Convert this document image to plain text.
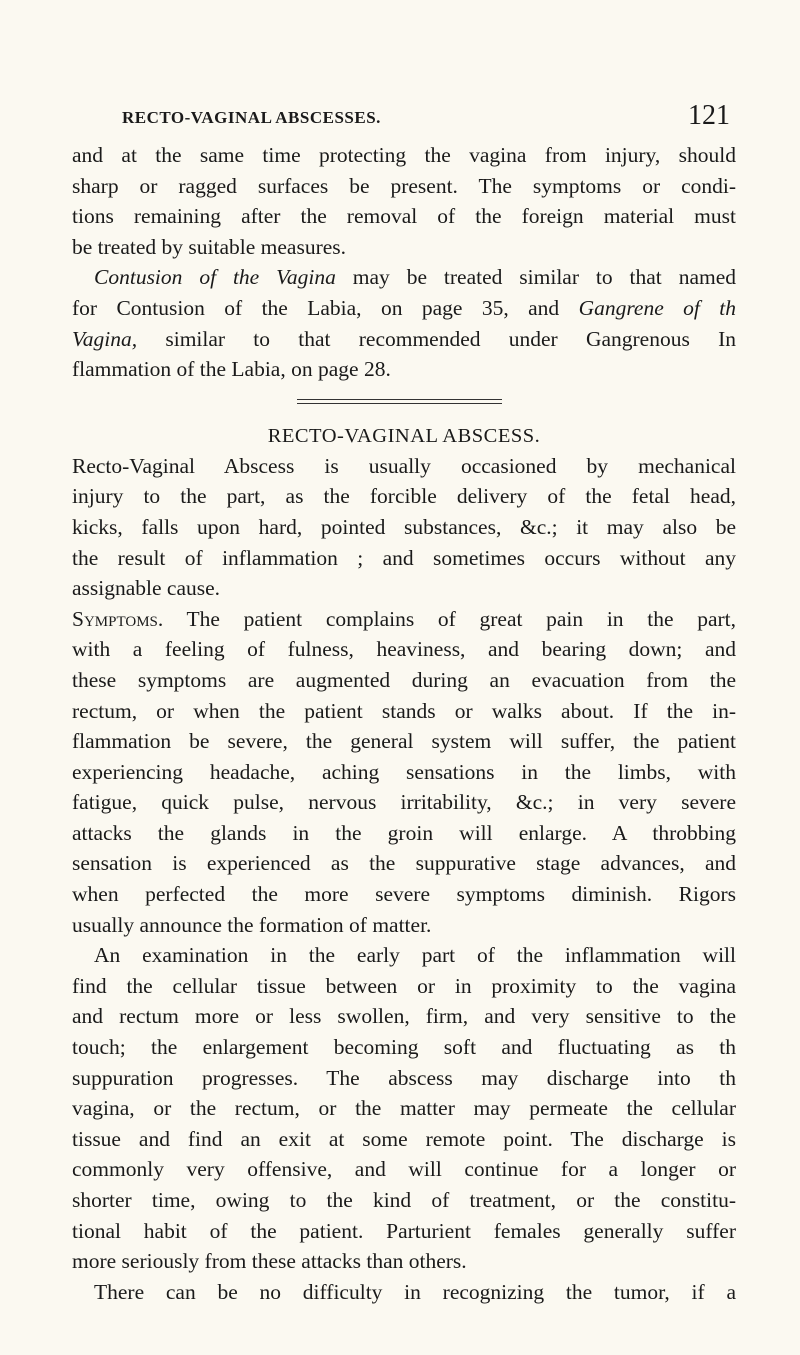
RECTO-VAGINAL ABSCESSES.	121

and at the same time protecting the vagina from injury, should
sharp or ragged surfaces be present. The symptoms or condi-
tions remaining after the removal of the foreign material must
be treated by suitable measures.

Contusion of the Vagina may be treated similar to that named
for Contusion of the Labia, on page 35, and Gangrene of th
Vagina, similar to that recommended under Gangrenous In
flammation of the Labia, on page 28.

RECTO-VAGINAL ABSCESS.

Recto-Vaginal Abscess is usually occasioned by mechanical
injury to the part, as the forcible delivery of the fetal head,
kicks, falls upon hard, pointed substances, &c.; it may also be
the result of inflammation ; and sometimes occurs without any
assignable cause.

Symptoms. The patient complains of great pain in the part,
with a feeling of fulness, heaviness, and bearing down; and
these symptoms are augmented during an evacuation from the
rectum, or when the patient stands or walks about. If the in-
flammation be severe, the general system will suffer, the patient
experiencing headache, aching sensations in the limbs, with
fatigue, quick pulse, nervous irritability, &c.; in very severe
attacks the glands in the groin will enlarge. A throbbing
sensation is experienced as the suppurative stage advances, and
when perfected the more severe symptoms diminish. Rigors
usually announce the formation of matter.

An examination in the early part of the inflammation will
find the cellular tissue between or in proximity to the vagina
and rectum more or less swollen, firm, and very sensitive to the
touch; the enlargement becoming soft and fluctuating as th
suppuration progresses. The abscess may discharge into th
vagina, or the rectum, or the matter may permeate the cellular
tissue and find an exit at some remote point. The discharge is
commonly very offensive, and will continue for a longer or
shorter time, owing to the kind of treatment, or the constitu-
tional habit of the patient. Parturient females generally suffer
more seriously from these attacks than others.

There can be no difficulty in recognizing the tumor, if a
